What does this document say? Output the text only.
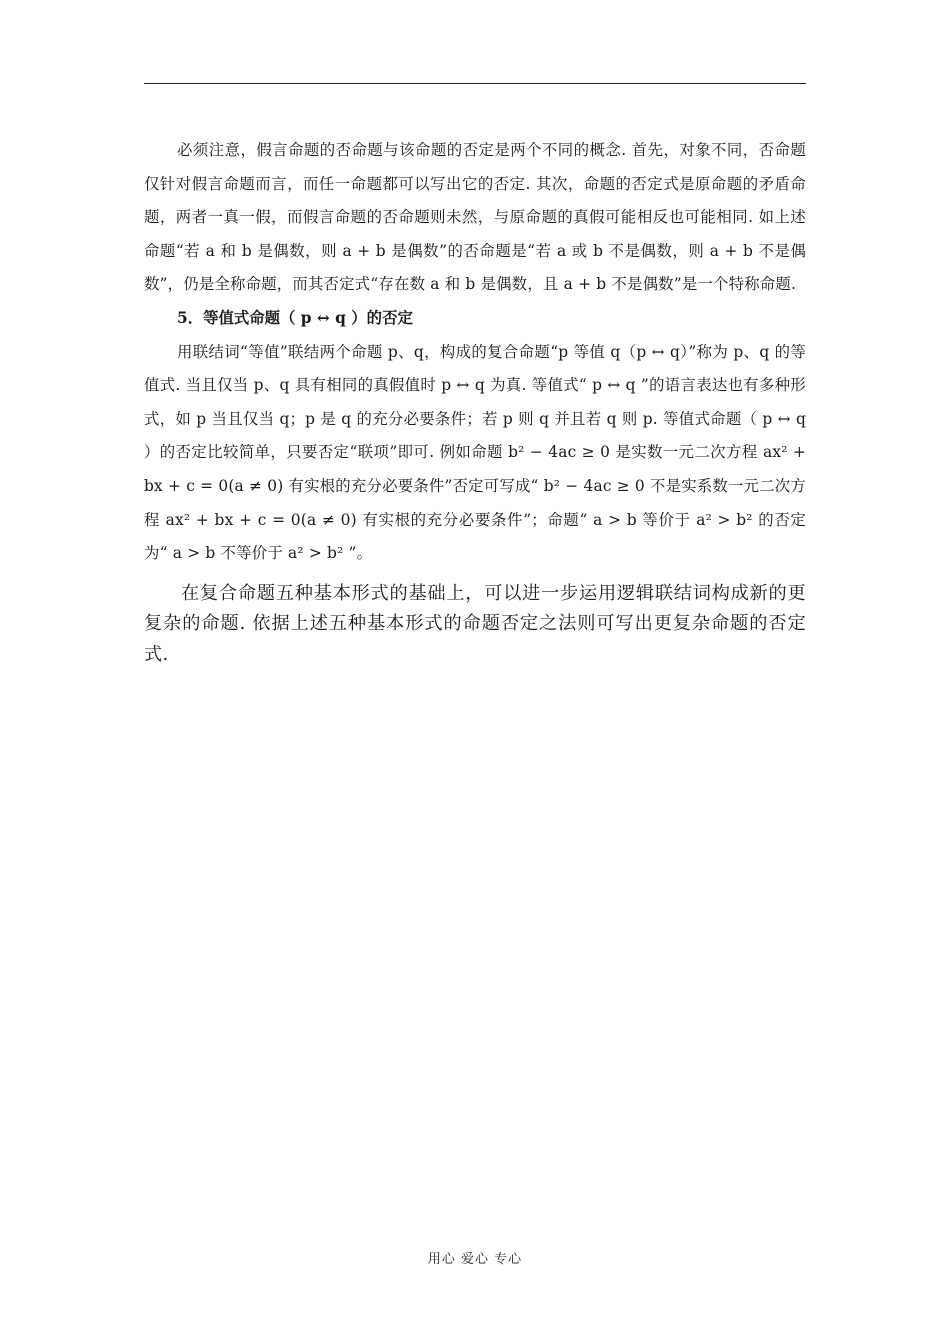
必须注意，假言命题的否命题与该命题的否定是两个不同的概念. 首先，对象不同，否命题仅针对假言命题而言，而任一命题都可以写出它的否定. 其次，命题的否定式是原命题的矛盾命题，两者一真一假，而假言命题的否命题则未然，与原命题的真假可能相反也可能相同. 如上述命题“若 a 和 b 是偶数，则 a + b 是偶数”的否命题是“若 a 或 b 不是偶数，则 a + b 不是偶数”，仍是全称命题，而其否定式“存在数 a 和 b 是偶数，且 a + b 不是偶数”是一个特称命题.

5．等值式命题（ p ↔ q ）的否定

用联结词“等值”联结两个命题 p、q，构成的复合命题“p 等值 q（p ↔ q）”称为 p、q 的等值式. 当且仅当 p、q 具有相同的真假值时 p ↔ q 为真. 等值式“ p ↔ q ”的语言表达也有多种形式，如 p 当且仅当 q；p 是 q 的充分必要条件；若 p 则 q 并且若 q 则 p. 等值式命题（ p ↔ q ）的否定比较简单，只要否定“联项”即可. 例如命题 b² − 4ac ≥ 0 是实数一元二次方程 ax² + bx + c = 0(a ≠ 0) 有实根的充分必要条件”否定可写成“ b² − 4ac ≥ 0 不是实系数一元二次方程 ax² + bx + c = 0(a ≠ 0) 有实根的充分必要条件”；命题“ a > b 等价于 a² > b² 的否定为“ a > b 不等价于 a² > b² ”。

在复合命题五种基本形式的基础上，可以进一步运用逻辑联结词构成新的更复杂的命题. 依据上述五种基本形式的命题否定之法则可写出更复杂命题的否定式.

用心 爱心 专心
